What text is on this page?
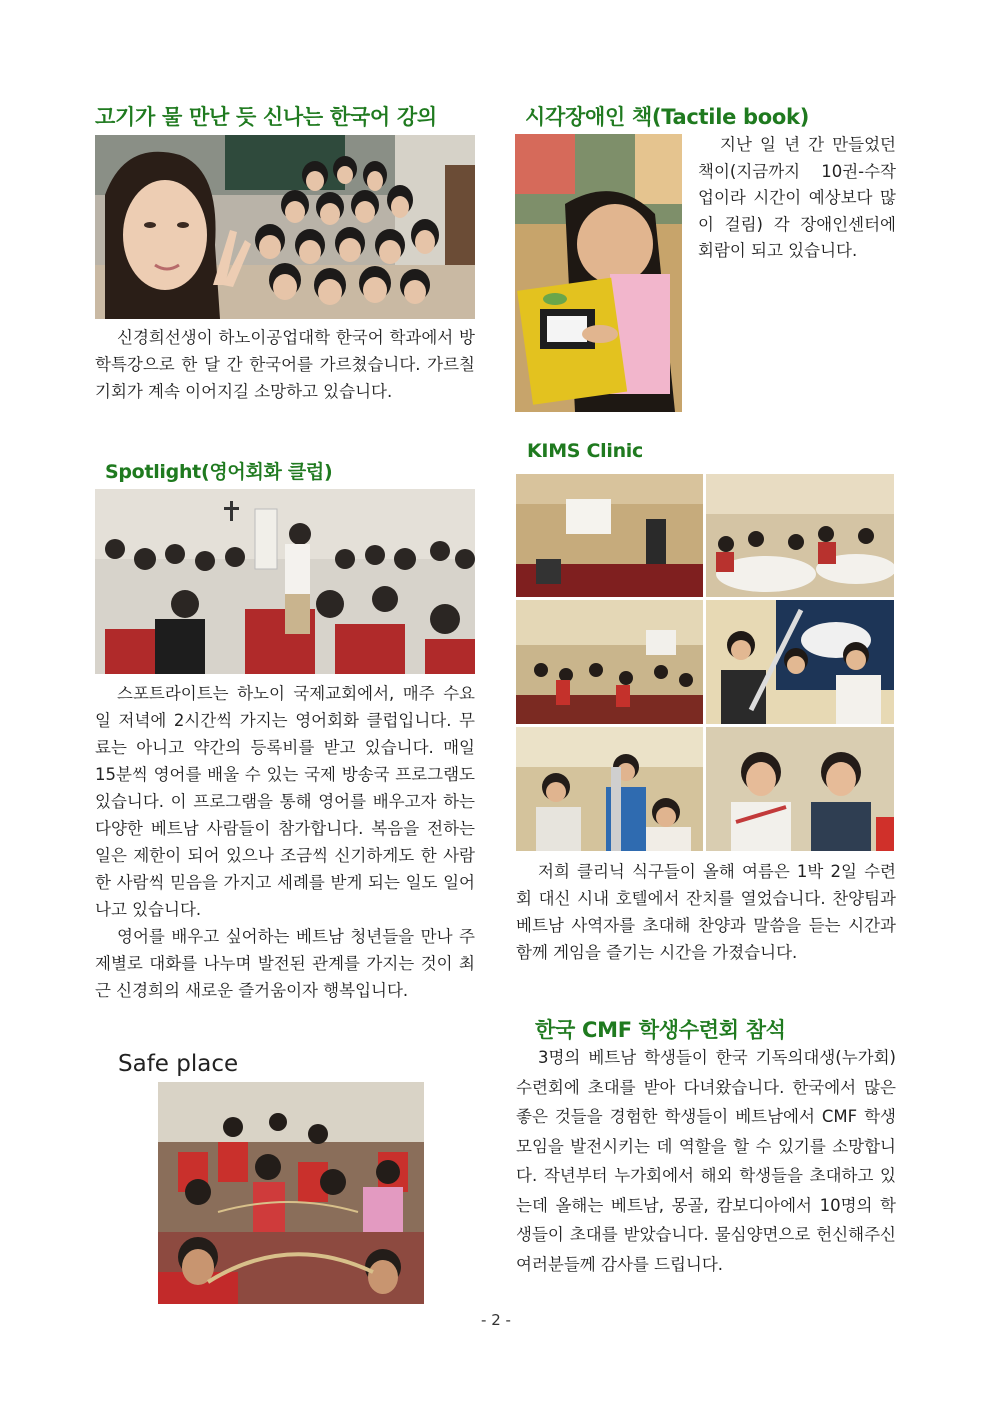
고기가 물 만난 듯 신나는 한국어 강의

신경희선생이 하노이공업대학 한국어 학과에서 방학특강으로 한 달 간 한국어를 가르쳤습니다. 가르칠 기회가 계속 이어지길 소망하고 있습니다.

Spotlight(영어회화 클럽)

스포트라이트는 하노이 국제교회에서, 매주 수요일 저녁에 2시간씩 가지는 영어회화 클럽입니다. 무료는 아니고 약간의 등록비를 받고 있습니다. 매일 15분씩 영어를 배울 수 있는 국제 방송국 프로그램도 있습니다. 이 프로그램을 통해 영어를 배우고자 하는 다양한 베트남 사람들이 참가합니다. 복음을 전하는 일은 제한이 되어 있으나 조금씩 신기하게도 한 사람 한 사람씩 믿음을 가지고 세례를 받게 되는 일도 일어나고 있습니다.

영어를 배우고 싶어하는 베트남 청년들을 만나 주제별로 대화를 나누며 발전된 관계를 가지는 것이 최근 신경희의 새로운 즐거움이자 행복입니다.

Safe place
시각장애인 책(Tactile book)

지난 일 년 간 만들었던 책이(지금까지 10권-수작업이라 시간이 예상보다 많이 걸림) 각 장애인센터에 회람이 되고 있습니다.

KIMS Clinic

저희 클리닉 식구들이 올해 여름은 1박 2일 수련회 대신 시내 호텔에서 잔치를 열었습니다. 찬양팀과 베트남 사역자를 초대해 찬양과 말씀을 듣는 시간과 함께 게임을 즐기는 시간을 가졌습니다.

한국 CMF 학생수련회 참석

3명의 베트남 학생들이 한국 기독의대생(누가회)수련회에 초대를 받아 다녀왔습니다. 한국에서 많은 좋은 것들을 경험한 학생들이 베트남에서 CMF 학생모임을 발전시키는 데 역할을 할 수 있기를 소망합니다. 작년부터 누가회에서 해외 학생들을 초대하고 있는데 올해는 베트남, 몽골, 캄보디아에서 10명의 학생들이 초대를 받았습니다. 물심양면으로 헌신해주신 여러분들께 감사를 드립니다.

- 2 -
